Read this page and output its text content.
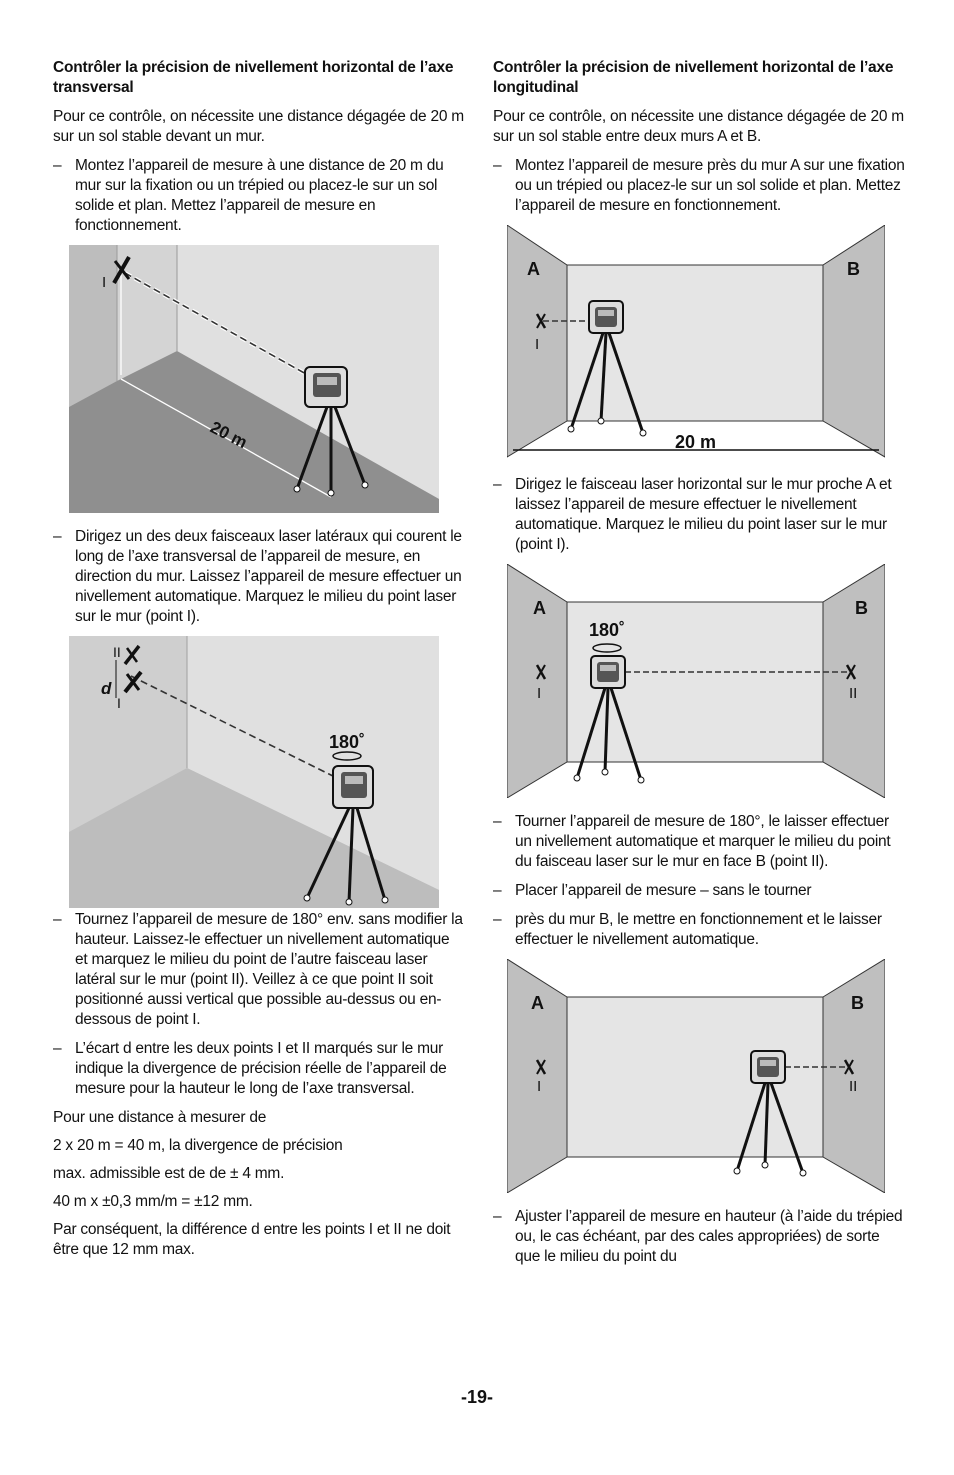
Contrôler la précision de nivellement horizontal de l’axe transversal

Pour ce contrôle, on nécessite une distance dégagée de 20 m sur un sol stable devant un mur.

– Montez l’appareil de mesure à une distance de 20 m du mur sur la fixation ou un trépied ou placez-le sur un sol solide et plan. Mettez l’appareil de mesure en fonctionnement.
I
20 m
– Dirigez un des deux faisceaux laser latéraux qui courent le long de l’axe transversal de l’appareil de mesure, en direction du mur. Laissez l’appareil de mesure effectuer un nivellement automatique. Marquez le milieu du point laser sur le mur (point I).
II
d
I
180˚
– Tournez l’appareil de mesure de 180° env. sans modifier la hauteur. Laissez-le effectuer un nivellement automatique et marquez le milieu du point de l’autre faisceau laser latéral sur le mur (point II). Veillez à ce que point II soit positionné aussi vertical que possible au-dessus ou en-dessous de point I.
– L’écart d entre les deux points I et II marqués sur le mur indique la divergence de précision réelle de l’appareil de mesure pour la hauteur le long de l’axe transversal.

Pour une distance à mesurer de

2 x 20 m = 40 m, la divergence de précision

max. admissible est de de ± 4 mm.

40 m x ±0,3 mm/m = ±12 mm.

Par conséquent, la différence d entre les points I et II ne doit être que 12 mm max.

Contrôler la précision de nivellement horizontal de l’axe longitudinal

Pour ce contrôle, on nécessite une distance dégagée de 20 m sur un sol stable entre deux murs A et B.

– Montez l’appareil de mesure près du mur A sur une fixation ou un trépied ou placez-le sur un sol solide et plan. Mettez l’appareil de mesure en fonctionnement.
A	B
I
20 m
– Dirigez le faisceau laser horizontal sur le mur proche A et laissez l’appareil de mesure effectuer le nivellement automatique. Marquez le milieu du point laser sur le mur (point I).
A	B
180˚
I	II
– Tourner l’appareil de mesure de 180°, le laisser effectuer un nivellement automatique et marquer le milieu du point du faisceau laser sur le mur en face B (point II).
– Placer l’appareil de mesure – sans le tourner
– près du mur B, le mettre en fonctionnement et le laisser effectuer le nivellement automatique.
A	B
I	II
– Ajuster l’appareil de mesure en hauteur (à l’aide du trépied ou, le cas échéant, par des cales appropriées) de sorte que le milieu du point du
-19-
